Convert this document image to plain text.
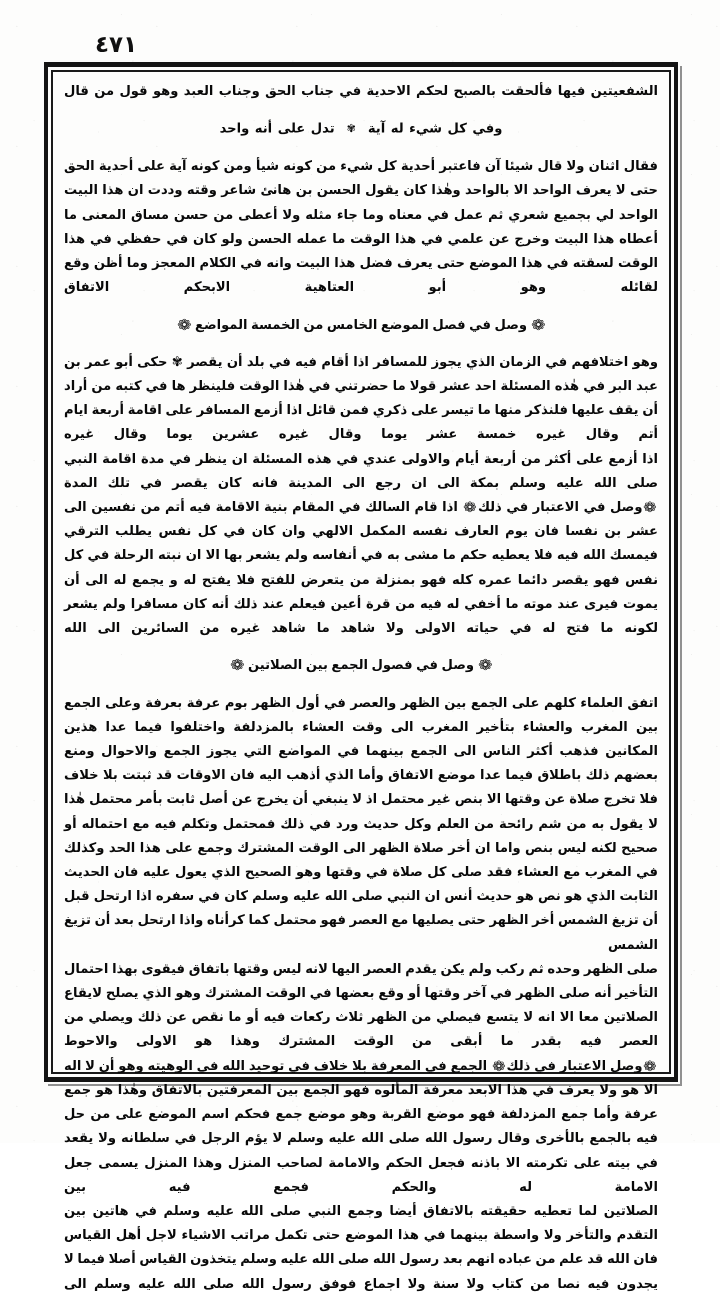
٤٧١

الشفعيتين فيها فألحقت بالصبح لحكم الاحدية في جناب الحق وجناب العبد وهو قول من قال

وفي كل شيء له آية✾تدل على أنه واحد

فقال اثنان ولا قال شيئا آن فاعتبر أحدية كل شيء من كونه شيأ ومن كونه آية على أحدية الحق حتى لا يعرف الواحد الا بالواحد وهٰذا كان يقول الحسن بن هانئ شاعر وقته وددت ان هذا البيت الواحد لي بجميع شعري ثم عمل في معناه وما جاء مثله ولا أعطى من حسن مساق المعنى ما أعطاه هذا البيت وخرج عن علمي في هذا الوقت ما عمله الحسن ولو كان في حفظي في هذا الوقت لسقته في هذا الموضع حتى يعرف فضل هذا البيت وانه في الكلام المعجز وما أظن وقع لقائله وهو أبو العتاهية الابحكم الاتفاق

❁وصل في فصل الموضع الخامس من الخمسة المواضع❁

وهو اختلافهم في الزمان الذي يجوز للمسافر اذا أقام فيه في بلد أن يقصر ✾ حكى أبو عمر بن عبد البر في هٰذه المسئلة احد عشر قولا ما حضرتني في هٰذا الوقت فلينظر ها في كتبه من أراد أن يقف عليها فلنذكر منها ما تيسر على ذكري فمن قائل اذا أزمع المسافر على اقامة أربعة ايام أتم وقال غيره خمسة عشر يوما وقال غيره عشرين يوما وقال غيره

اذا أزمع على أكثر من أربعة أيام والاولى عندي في هذه المسئلة ان ينظر في مدة اقامة النبي صلى الله عليه وسلم بمكة الى ان رجع الى المدينة فانه كان يقصر في تلك المدة

❁وصل في الاعتبار في ذلك❁ اذا قام السالك في المقام بنية الاقامة فيه أتم من نفسين الى عشر بن نفسا فان يوم العارف نفسه المكمل الالهي وان كان في كل نفس يطلب الترقي فيمسك الله فيه فلا يعطيه حكم ما مشى به في أنفاسه ولم يشعر بها الا ان نبته الرحلة في كل نفس فهو يقصر دائما عمره كله فهو بمنزلة من يتعرض للفتح فلا يفتح له و يجمع له الى أن يموت فيرى عند موته ما أخفي له فيه من قرة أعين فيعلم عند ذلك أنه كان مسافرا ولم يشعر لكونه ما فتح له في حياته الاولى ولا شاهد ما شاهد غيره من السائرين الى الله

❁وصل في فصول الجمع بين الصلاتين❁

اتفق العلماء كلهم على الجمع بين الظهر والعصر في أول الظهر بوم عرفة بعرفة وعلى الجمع بين المغرب والعشاء بتأخير المغرب الى وقت العشاء بالمزدلفة واختلفوا فيما عدا هذين المكانين فذهب أكثر الناس الى الجمع بينهما في المواضع التي يجوز الجمع والاحوال ومنع بعضهم ذلك باطلاق فيما عدا موضع الاتفاق وأما الذي أذهب اليه فان الاوقات قد ثبتت بلا خلاف فلا تخرج صلاة عن وقتها الا بنص غير محتمل اذ لا ينبغي أن يخرج عن أصل ثابت بأمر محتمل هٰذا

لا يقول به من شم رائحة من العلم وكل حديث ورد في ذلك فمحتمل وتكلم فيه مع احتماله أو صحيح لكنه ليس بنص واما ان أخر صلاة الظهر الى الوقت المشترك وجمع على هذا الحد وكذلك في المغرب مع العشاء فقد صلى كل صلاة في وقتها وهو الصحيح الذي يعول عليه فان الحديث الثابت الذي هو نص هو حديث أنس ان النبي صلى الله عليه وسلم كان في سفره اذا ارتحل قبل أن تزيغ الشمس أخر الظهر حتى يصليها مع العصر فهو محتمل كما كرأناه واذا ارتحل بعد أن تزيغ الشمس

صلى الظهر وحده ثم ركب ولم يكن يقدم العصر اليها لانه ليس وقتها باتفاق فيقوى بهذا احتمال التأخير أنه صلى الظهر في آخر وقتها أو وقع بعضها في الوقت المشترك وهو الذي يصلح لايقاع الصلاتين معا الا انه لا يتسع فيصلي من الظهر ثلاث ركعات فيه أو ما نقص عن ذلك ويصلي من العصر فيه بقدر ما أبقى من الوقت المشترك وهذا هو الاولى والاحوط

❁وصل الاعتبار في ذلك❁ الجمع في المعرفة بلا خلاف في توحيد الله في الوهيته وهو أن لا اله الا هو ولا يعرف في هذا الابعد معرفة المألوه فهو الجمع بين المعرفتين بالاتفاق وهٰذا هو جمع عرفة وأما جمع المزدلفة فهو موضع القربة وهو موضع جمع فحكم اسم الموضع على من حل فيه بالجمع بالأخرى وقال رسول الله صلى الله عليه وسلم لا يؤم الرجل في سلطانه ولا يقعد في بيته على تكرمته الا باذنه فجعل الحكم والامامة لصاحب المنزل وهذا المنزل يسمى جعل الامامة له والحكم فجمع فيه بين

الصلاتين لما تعطيه حقيقته بالاتفاق أيضا وجمع النبي صلى الله عليه وسلم في هاتين بين التقدم والتأخر ولا واسطة بينهما في هذا الموضع حتى تكمل مراتب الاشياء لاجل أهل القياس فان الله قد علم من عباده انهم بعد رسول الله صلى الله عليه وسلم يتخذون القياس أصلا فيما لا يجدون فيه نصا من كتاب ولا سنة ولا اجماع فوفق رسول الله صلى الله عليه وسلم الى
